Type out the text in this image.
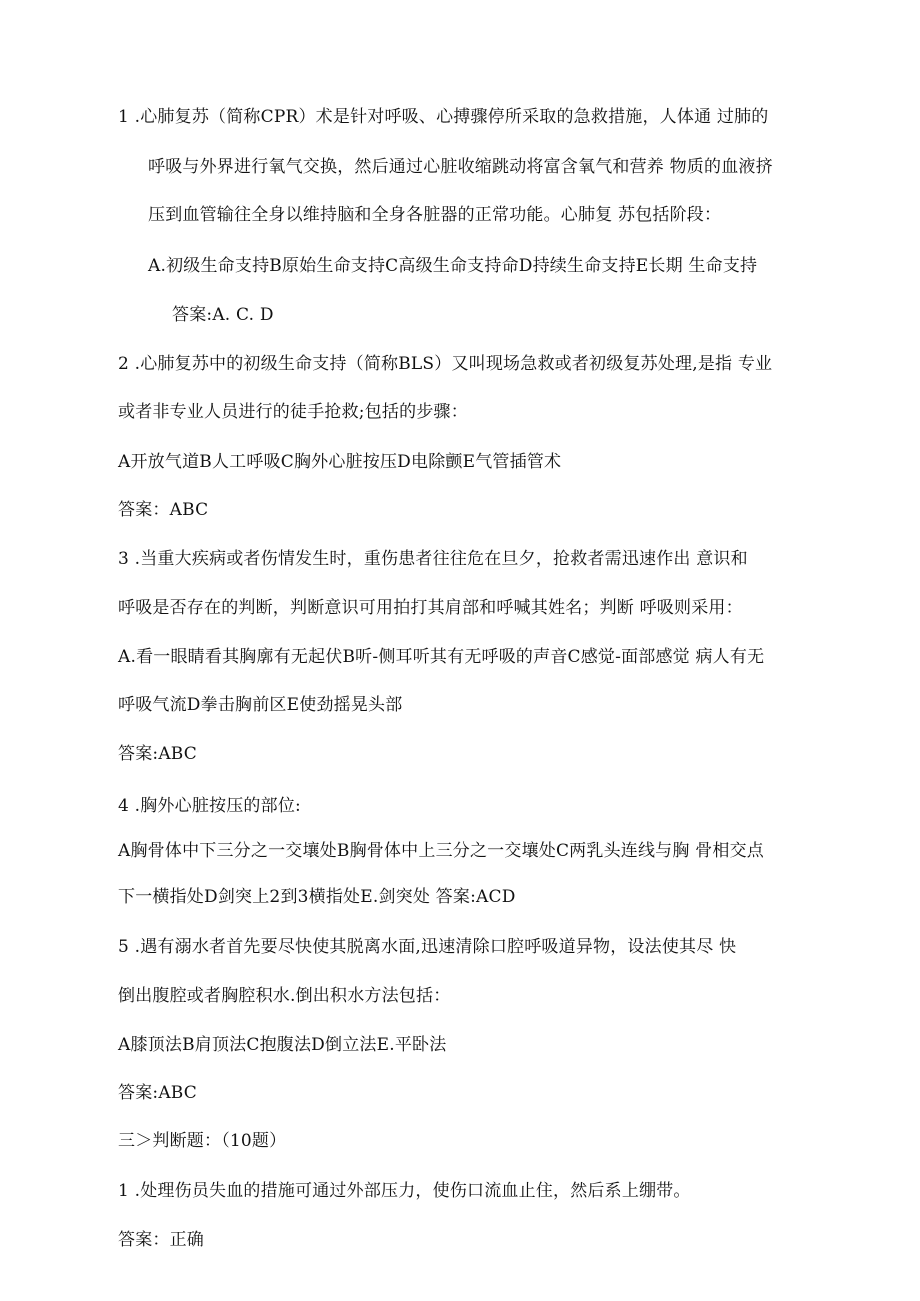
1 .心肺复苏（简称CPR）术是针对呼吸、心搏骤停所采取的急救措施，人体通 过肺的
呼吸与外界进行氧气交换，然后通过心脏收缩跳动将富含氧气和营养 物质的血液挤
压到血管输往全身以维持脑和全身各脏器的正常功能。心肺复 苏包括阶段：
A.初级生命支持B原始生命支持C高级生命支持命D持续生命支持E长期 生命支持
答案:A. C. D
2 .心肺复苏中的初级生命支持（简称BLS）又叫现场急救或者初级复苏处理,是指 专业
或者非专业人员进行的徒手抢救;包括的步骤：
A开放气道B人工呼吸C胸外心脏按压D电除颤E气管插管术
答案：ABC
3 .当重大疾病或者伤情发生时，重伤患者往往危在旦夕，抢救者需迅速作出 意识和
呼吸是否存在的判断，判断意识可用拍打其肩部和呼喊其姓名；判断 呼吸则采用：
A.看一眼睛看其胸廓有无起伏B听-侧耳听其有无呼吸的声音C感觉-面部感觉 病人有无
呼吸气流D拳击胸前区E使劲摇晃头部
答案:ABC
4 .胸外心脏按压的部位:
A胸骨体中下三分之一交壤处B胸骨体中上三分之一交壤处C两乳头连线与胸 骨相交点
下一横指处D剑突上2到3横指处E.剑突处 答案:ACD
5 .遇有溺水者首先要尽快使其脱离水面,迅速清除口腔呼吸道异物，设法使其尽 快
倒出腹腔或者胸腔积水.倒出积水方法包括：
A膝顶法B肩顶法C抱腹法D倒立法E.平卧法
答案:ABC
三＞判断题：（10题）
1 .处理伤员失血的措施可通过外部压力，使伤口流血止住，然后系上绷带。
答案：正确
